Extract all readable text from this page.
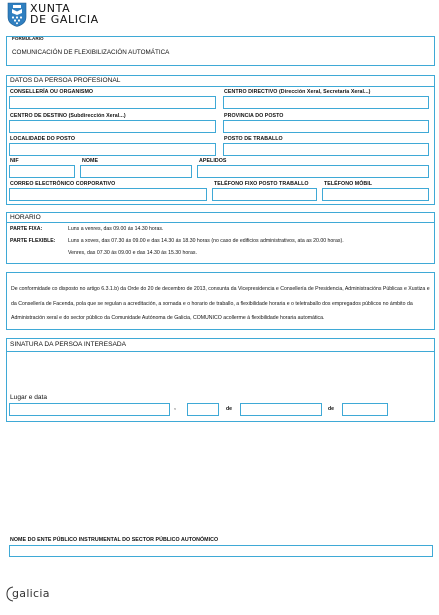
XUNTA
DE GALICIA
FORMULARIO
COMUNICACIÓN DE FLEXIBILIZACIÓN AUTOMÁTICA
DATOS DA PERSOA PROFESIONAL
CONSELLERÍA OU ORGANISMO	CENTRO DIRECTIVO (Dirección Xeral, Secretaría Xeral...)
CENTRO DE DESTINO (Subdirección Xeral...)	PROVINCIA DO POSTO
LOCALIDADE DO POSTO	POSTO DE TRABALLO
NIF	NOME	APELIDOS
CORREO ELECTRÓNICO CORPORATIVO	TELÉFONO FIXO POSTO TRABALLO	TELÉFONO MÓBIL
HORARIO
PARTE FIXA:	Luns a venres, das 09.00 ás 14.30 horas.
PARTE FLEXIBLE: Luns a xoves, das 07.30 ás 09.00 e das 14.30 ás 18.30 horas (no caso de edificios administrativos, ata as 20.00 horas).
Venres, das 07.30 ás 09.00 e das 14.30 ás 15.30 horas.
De conformidade co disposto no artigo 6.3.1.b) da Orde do 20 de decembro de 2013, conxunta da Vicepresidencia e Consellería de Presidencia, Administracións Públicas e Xustiza e da Consellería de Facenda, pola que se regulan a acreditación, a xornada e o horario de traballo, a flexibilidade horaria e o teletraballo dos empregados públicos no ámbito da Administración xeral e do sector público da Comunidade Autónoma de Galicia, COMUNICO acollerme á flexibilidade horaria automática.
SINATURA DA PERSOA INTERESADA
Lugar e data
,	de	de
NOME DO ENTE PÚBLICO INSTRUMENTAL DO SECTOR PÚBLICO AUTONÓMICO
galicia
